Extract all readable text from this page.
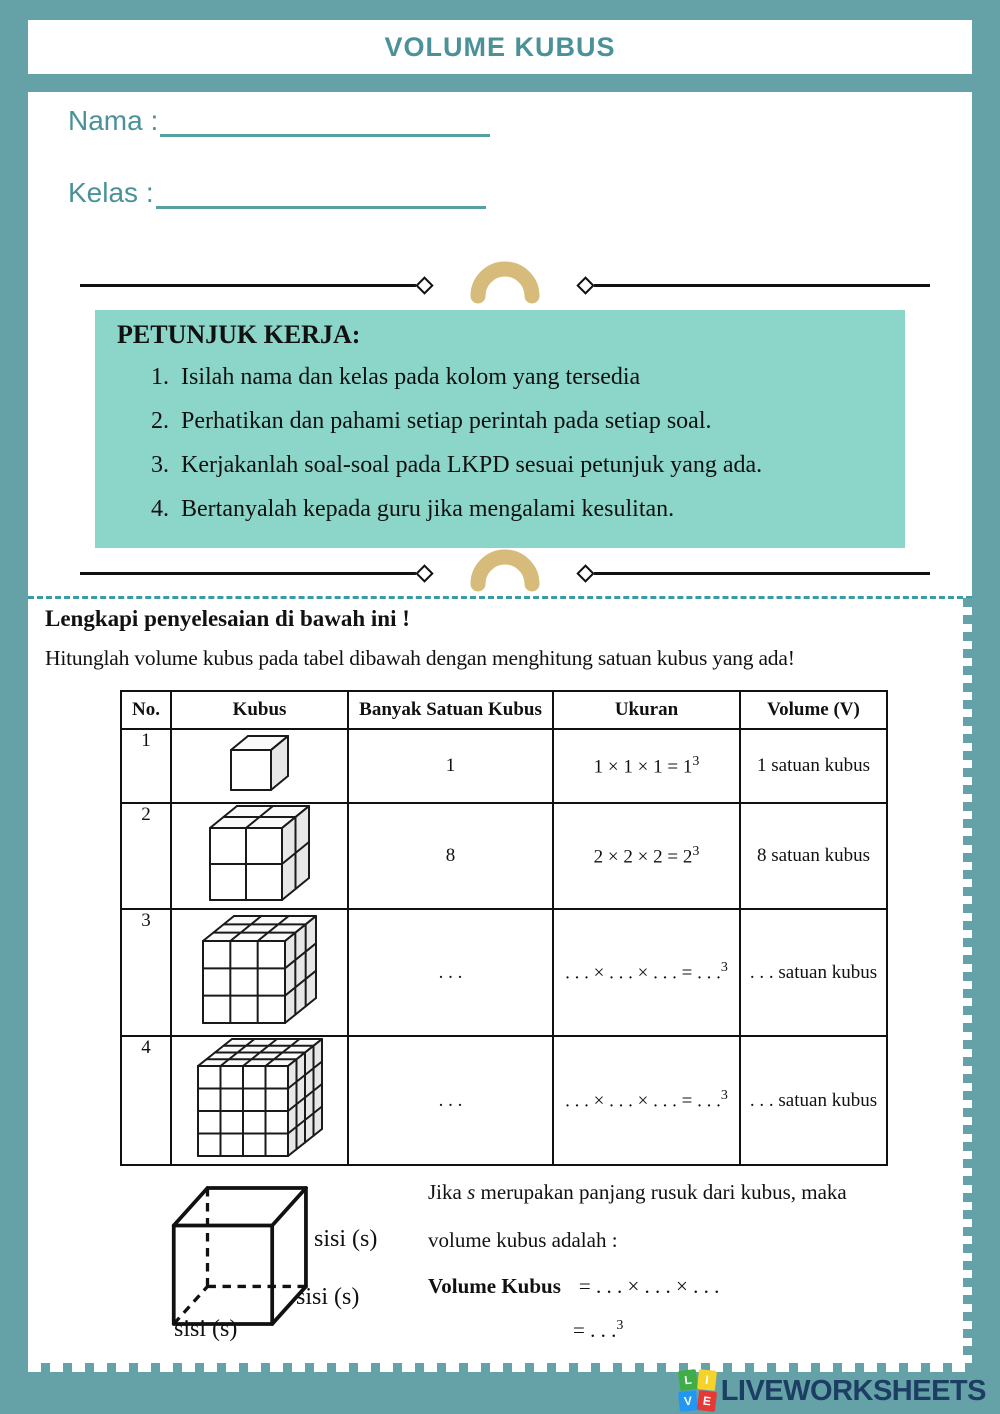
VOLUME KUBUS
Nama :
Kelas :
PETUNJUK KERJA:
1. Isilah nama dan kelas pada kolom yang tersedia
2. Perhatikan dan pahami setiap perintah pada setiap soal.
3. Kerjakanlah soal-soal pada LKPD sesuai petunjuk yang ada.
4. Bertanyalah kepada guru jika mengalami kesulitan.
Lengkapi penyelesaian di bawah ini !
Hitunglah volume kubus pada tabel dibawah dengan menghitung satuan kubus yang ada!
No.	Kubus	Banyak Satuan Kubus	Ukuran	Volume (V)
1		1	$1 \times 1 \times 1 = 1^3$	1 satuan kubus
2		8	$2 \times 2 \times 2 = 2^3$	8 satuan kubus
3		. . .	. . . × . . . × . . . = . . .$^3$	. . . satuan kubus
4		. . .	. . . × . . . × . . . = . . .$^3$	. . . satuan kubus
sisi (s)
sisi (s)
sisi (s)
Jika s merupakan panjang rusuk dari kubus, maka
volume kubus adalah :
Volume Kubus = . . . × . . . × . . .
= . . .$^3$
L	I
V E LIVEWORKSHEETS
